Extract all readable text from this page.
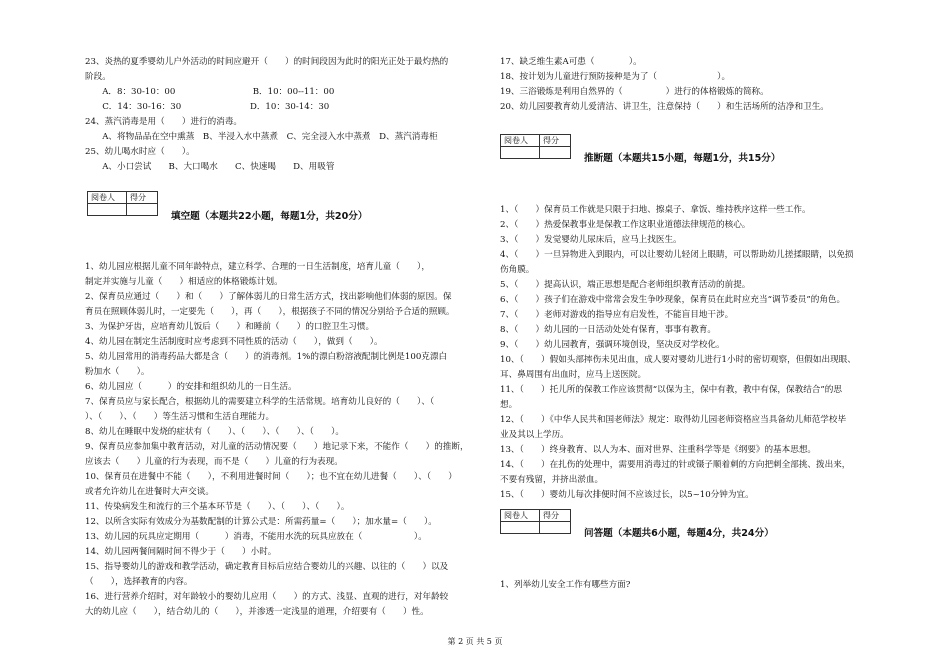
23、炎热的夏季婴幼儿户外活动的时间应避开（　　）的时间段因为此时的阳光正处于最灼热的
阶段。
　　A．8：30-10：00　　　　　　　　　B．10：00--11：00
　　C．14：30-16：30　　　　　　　　D．10：30-14：30
24、蒸汽消毒是用（　　）进行的消毒。
　　A、将物品品在空中熏蒸　B、半浸入水中蒸煮　C、完全浸入水中蒸煮　D、蒸汽消毒柜
25、幼儿喝水时应（　　）。
　　A、小口尝试　　B、大口喝水　　C、快速喝　　D、用吸管
阅卷人	得分

填空题（本题共22小题，每题1分，共20分）
1、幼儿园应根据儿童不同年龄特点，建立科学、合理的一日生活制度，培育儿童（　　），
制定并实施与儿童（　　）相适应的体格锻炼计划。
2、保育员应通过（　　）和（　　）了解体弱儿的日常生活方式，找出影响他们体弱的原因。保
育员在照顾体弱儿时，一定要先（　　），再（　　），根据孩子不同的情况分别给予合适的照顾。
3、为保护牙齿，应培育幼儿饭后（　　）和睡前（　　）的口腔卫生习惯。
4、幼儿园在制定生活制度时应考虑到不同性质的活动（　　），做到（　　）。
5、幼儿园常用的消毒药品大都是含（　　）的消毒剂。1%的漂白粉溶液配制比例是100克漂白
粉加水（　　）。
6、幼儿园应（　　　）的安排和组织幼儿的一日生活。
7、保育员应与家长配合，根据幼儿的需要建立科学的生活常规。培育幼儿良好的（　　）、（
）、（　　）、（　　）等生活习惯和生活自理能力。
8、幼儿在睡眠中发烧的症状有（　　）、（　　）、（　　）、（　　）。
9、保育员应参加集中教育活动，对儿童的活动情况要（　　）地记录下来，不能作（　　）的推断，
应该去（　　）儿童的行为表现，而不是（　　）儿童的行为表现。
10、保育员在进餐中不能（　　），不利用进餐时间（　　）；也不宜在幼儿进餐（　　）、（　　）
或者允许幼儿在进餐时大声交谈。
11、传染病发生和流行的三个基本环节是（　　）、（　　）、（　　）。
12、以所含实际有效成分为基数配制的计算公式是：所需药量=（　　）；加水量=（　　）。
13、幼儿园的玩具应定期用（　　　）消毒，不能用水洗的玩具应放在（　　　　　　）。
14、幼儿园两餐间隔时间不得少于（　　）小时。
15、指导婴幼儿的游戏和教学活动，确定教育目标后应结合婴幼儿的兴趣、以往的（　　）以及
（　　），选择教育的内容。
16、进行营养介绍时，对年龄较小的婴幼儿应用（　　）的方式、浅显、直观的进行，对年龄较
大的幼儿应（　　），结合幼儿的（　　），并渗透一定浅显的道理，介绍要有（　　）性。
17、缺乏维生素A可患（　　　　）。
18、按计划为儿童进行预防接种是为了（　　　　　　　）。
19、三浴锻炼是利用自然界的（　　　　　）进行的体格锻炼的简称。
20、幼儿园要教育幼儿爱清洁、讲卫生，注意保持（　　）和生活场所的洁净和卫生。
阅卷人	得分

推断题（本题共15小题，每题1分，共15分）
1、（　　）保育员工作就是只限于扫地、擦桌子、拿饭、维持秩序这样一些工作。
2、（　　）热爱保教事业是保教工作这职业道德法律规范的核心。
3、（　　）发觉婴幼儿尿床后，应马上找医生。
4、（　　）一旦异物进入到眼内，可以让婴幼儿轻闭上眼睛，可以帮助幼儿搓揉眼睛，以免损
伤角膜。
5、（　　）提高认识，端正思想是配合老师组织教育活动的前提。
6、（　　）孩子们在游戏中常常会发生争吵现象，保育员在此时应充当“调节委员”的角色。
7、（　　）老师对游戏的指导应有启发性，不能盲目地干涉。
8、（　　）幼儿园的一日活动处处有保育，事事有教育。
9、（　　）幼儿园教育，强调环境创设，坚决反对学校化。
10、（　　）假如头部摔伤未见出血，成人要对婴幼儿进行1小时的密切观察，但假如出现眼、
耳、鼻周围有出血时，应马上送医院。
11、（　　）托儿所的保教工作应该贯彻“以保为主，保中有教，教中有保，保教结合”的思
想。
12、（　　）《中华人民共和国老师法》规定：取得幼儿园老师资格应当具备幼儿师范学校毕
业及其以上学历。
13、（　　）终身教育、以人为本、面对世界、注重科学等是《纲要》的基本思想。
14、（　　）在扎伤的处理中，需要用消毒过的针或镊子顺着刺的方向把刺全部挑、拨出来，
不要有残留，并挤出淤血。
15、（　　）婴幼儿每次排便时间不应该过长，以5~10分钟为宜。
阅卷人	得分

问答题（本题共6小题，每题4分，共24分）
1、列举幼儿安全工作有哪些方面?
第 2 页 共 5 页
